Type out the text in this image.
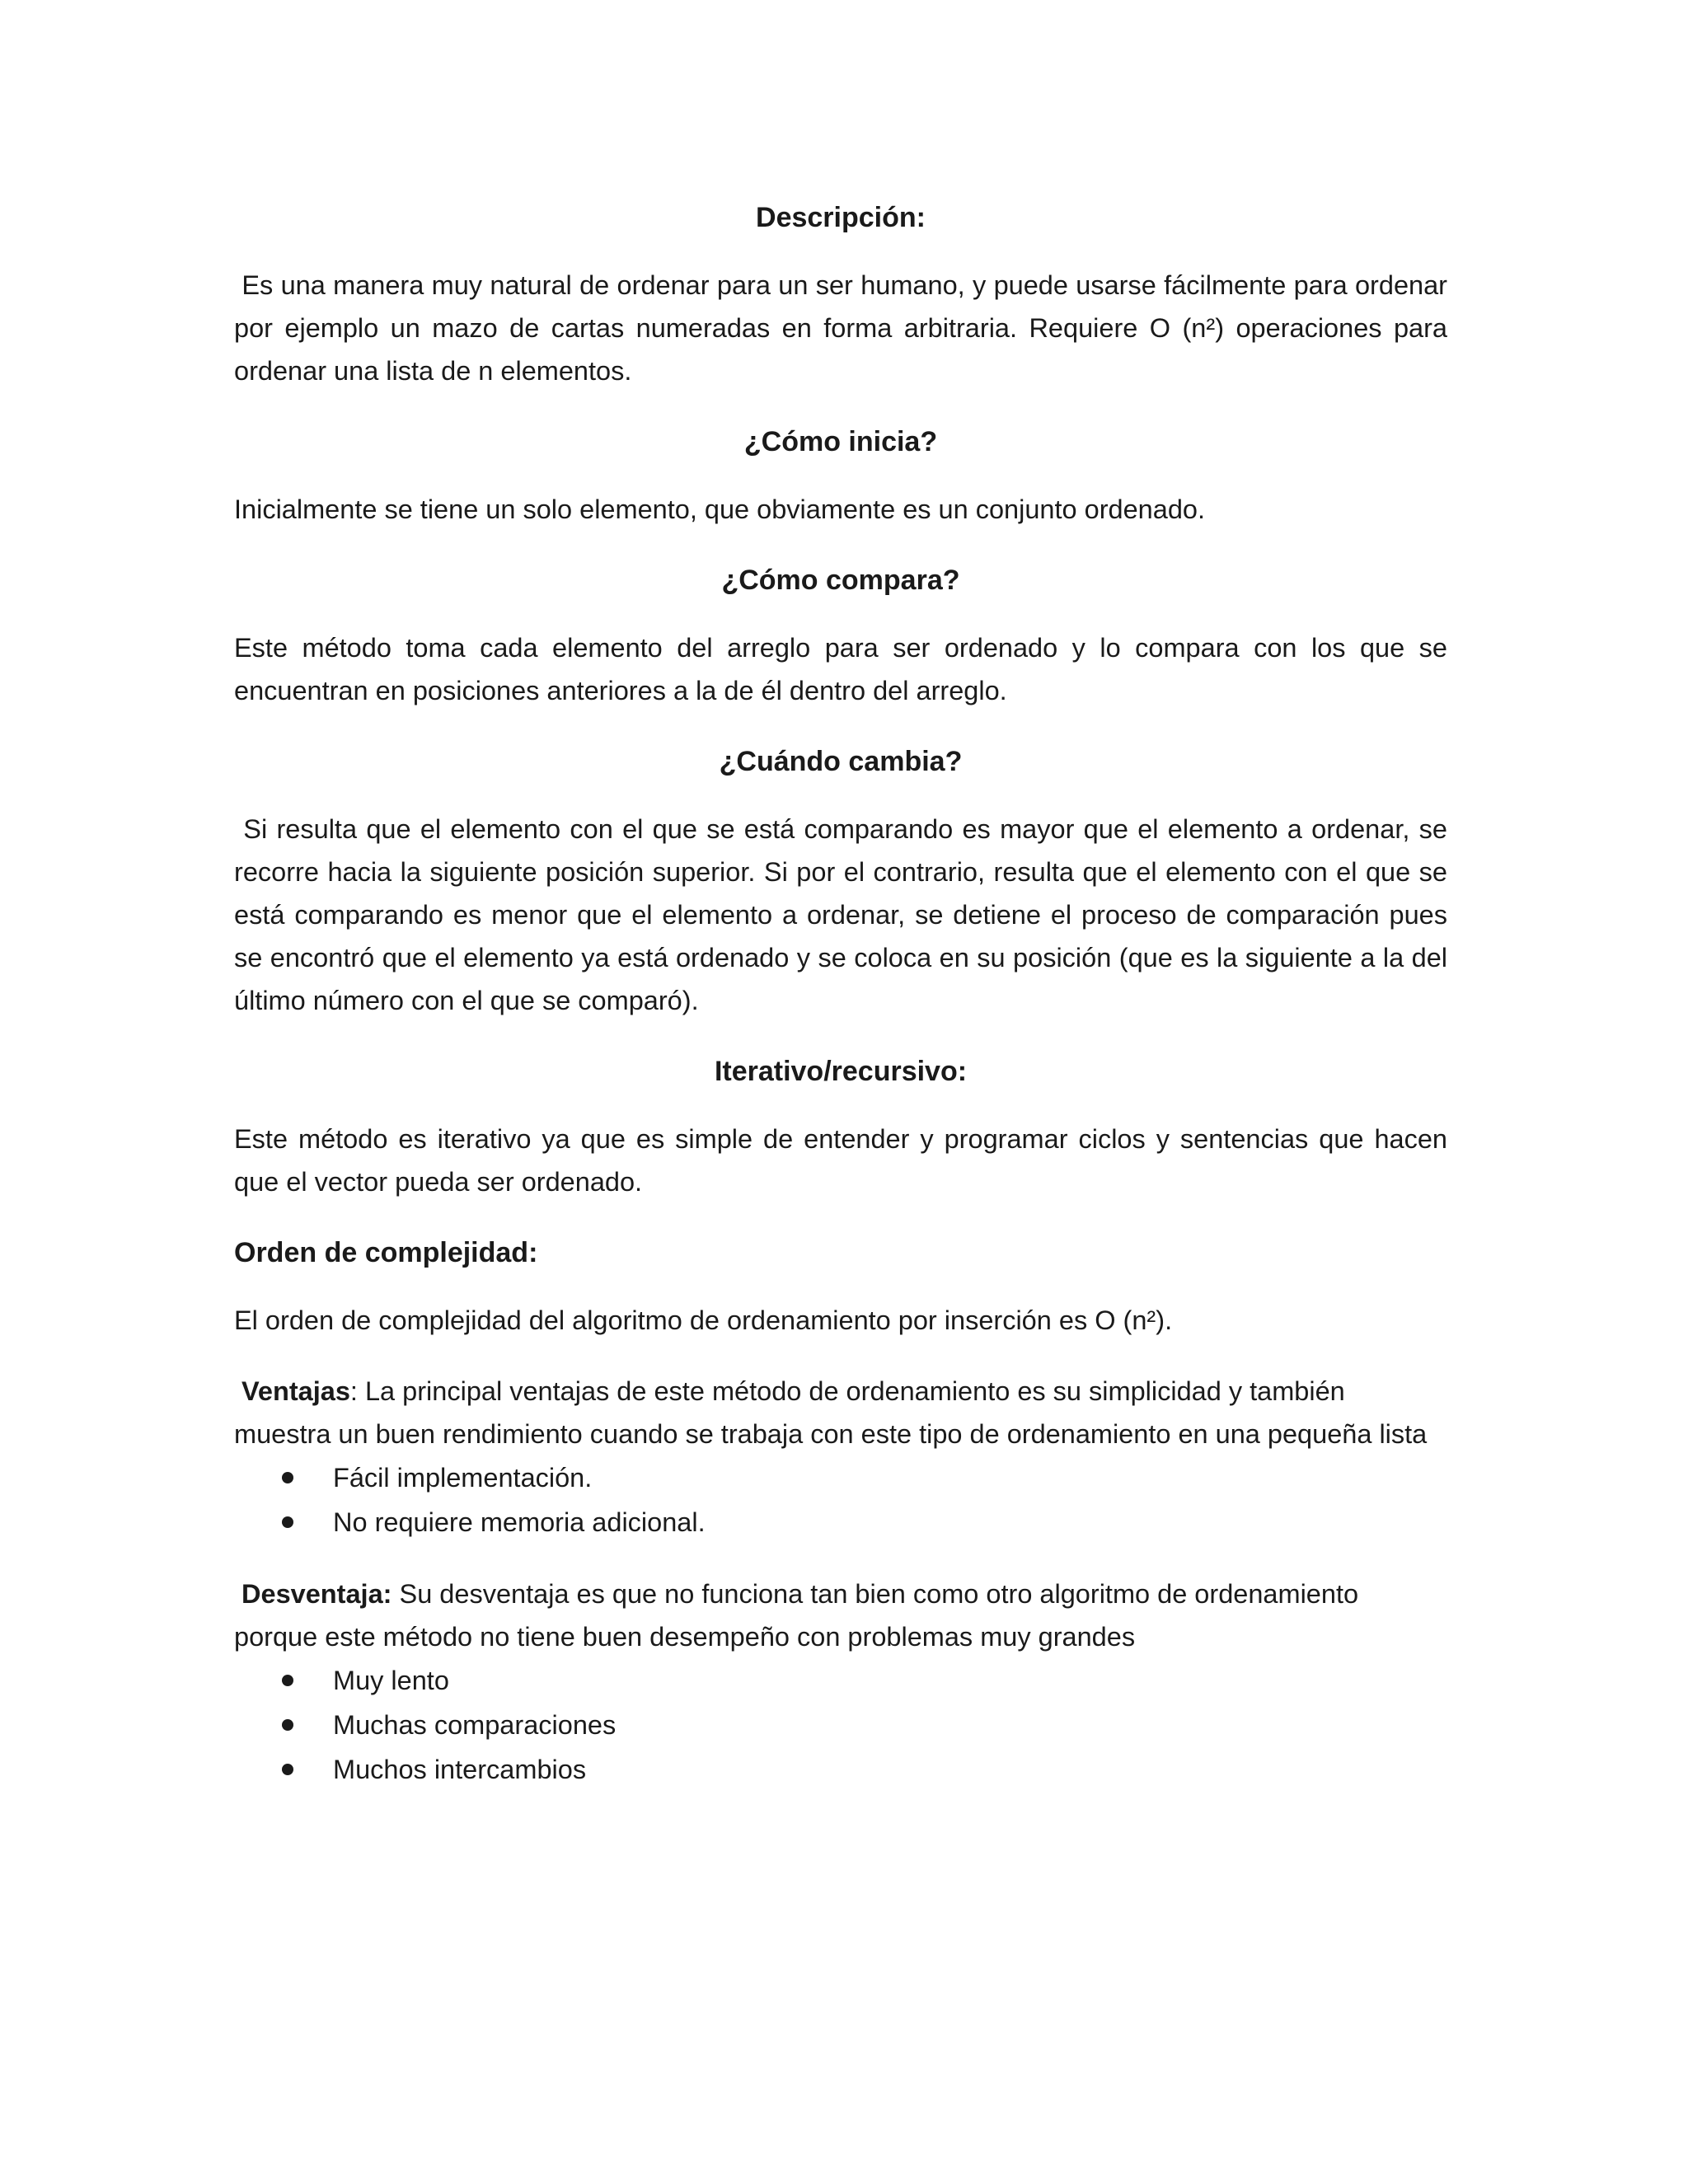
Descripción:

Es una manera muy natural de ordenar para un ser humano, y puede usarse fácilmente para ordenar por ejemplo un mazo de cartas numeradas en forma arbitraria. Requiere O (n²) operaciones para ordenar una lista de n elementos.

¿Cómo inicia?

Inicialmente se tiene un solo elemento, que obviamente es un conjunto ordenado.

¿Cómo compara?

Este método toma cada elemento del arreglo para ser ordenado y lo compara con los que se encuentran en posiciones anteriores a la de él dentro del arreglo.

¿Cuándo cambia?

Si resulta que el elemento con el que se está comparando es mayor que el elemento a ordenar, se recorre hacia la siguiente posición superior. Si por el contrario, resulta que el elemento con el que se está comparando es menor que el elemento a ordenar, se detiene el proceso de comparación pues se encontró que el elemento ya está ordenado y se coloca en su posición (que es la siguiente a la del último número con el que se comparó).

Iterativo/recursivo:

Este método es iterativo ya que es simple de entender y programar ciclos y sentencias que hacen que el vector pueda ser ordenado.

Orden de complejidad:

El orden de complejidad del algoritmo de ordenamiento por inserción es O (n²).

Ventajas: La principal ventajas de este método de ordenamiento es su simplicidad y también muestra un buen rendimiento cuando se trabaja con este tipo de ordenamiento en una pequeña lista

Fácil implementación.
No requiere memoria adicional.

Desventaja: Su desventaja es que no funciona tan bien como otro algoritmo de ordenamiento porque este método no tiene buen desempeño con problemas muy grandes

Muy lento
Muchas comparaciones
Muchos intercambios
